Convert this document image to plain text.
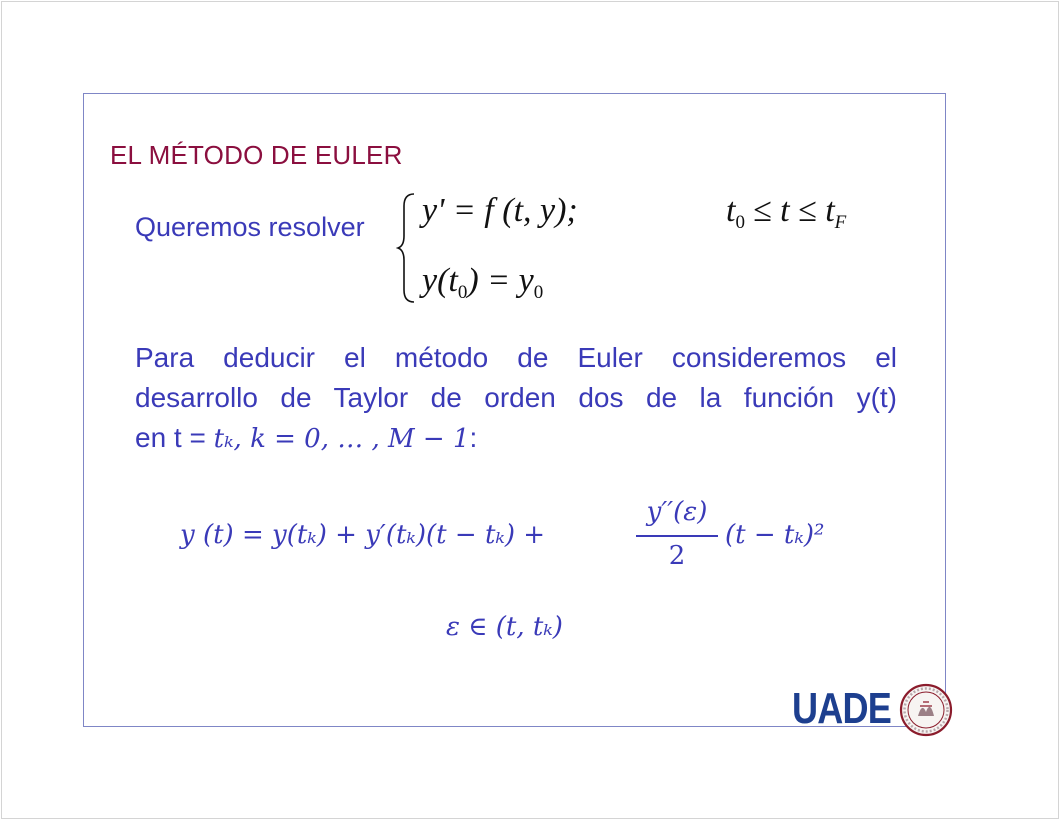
EL MÉTODO DE EULER
Queremos resolver y' = f (t, y);	$t_0 \le t \le t_F$
$y(t_0) = y_0$
Para deducir el método de Euler consideremos el
desarrollo de Taylor de orden dos de la función y(t)
en t = tₖ, k = 0, … , M − 1:
y (t) = y(tₖ) + y′(tₖ)(t − tₖ) +
y′′(ε)
2
(t − tₖ)²
ε ∈ (t, tₖ)
UADE
